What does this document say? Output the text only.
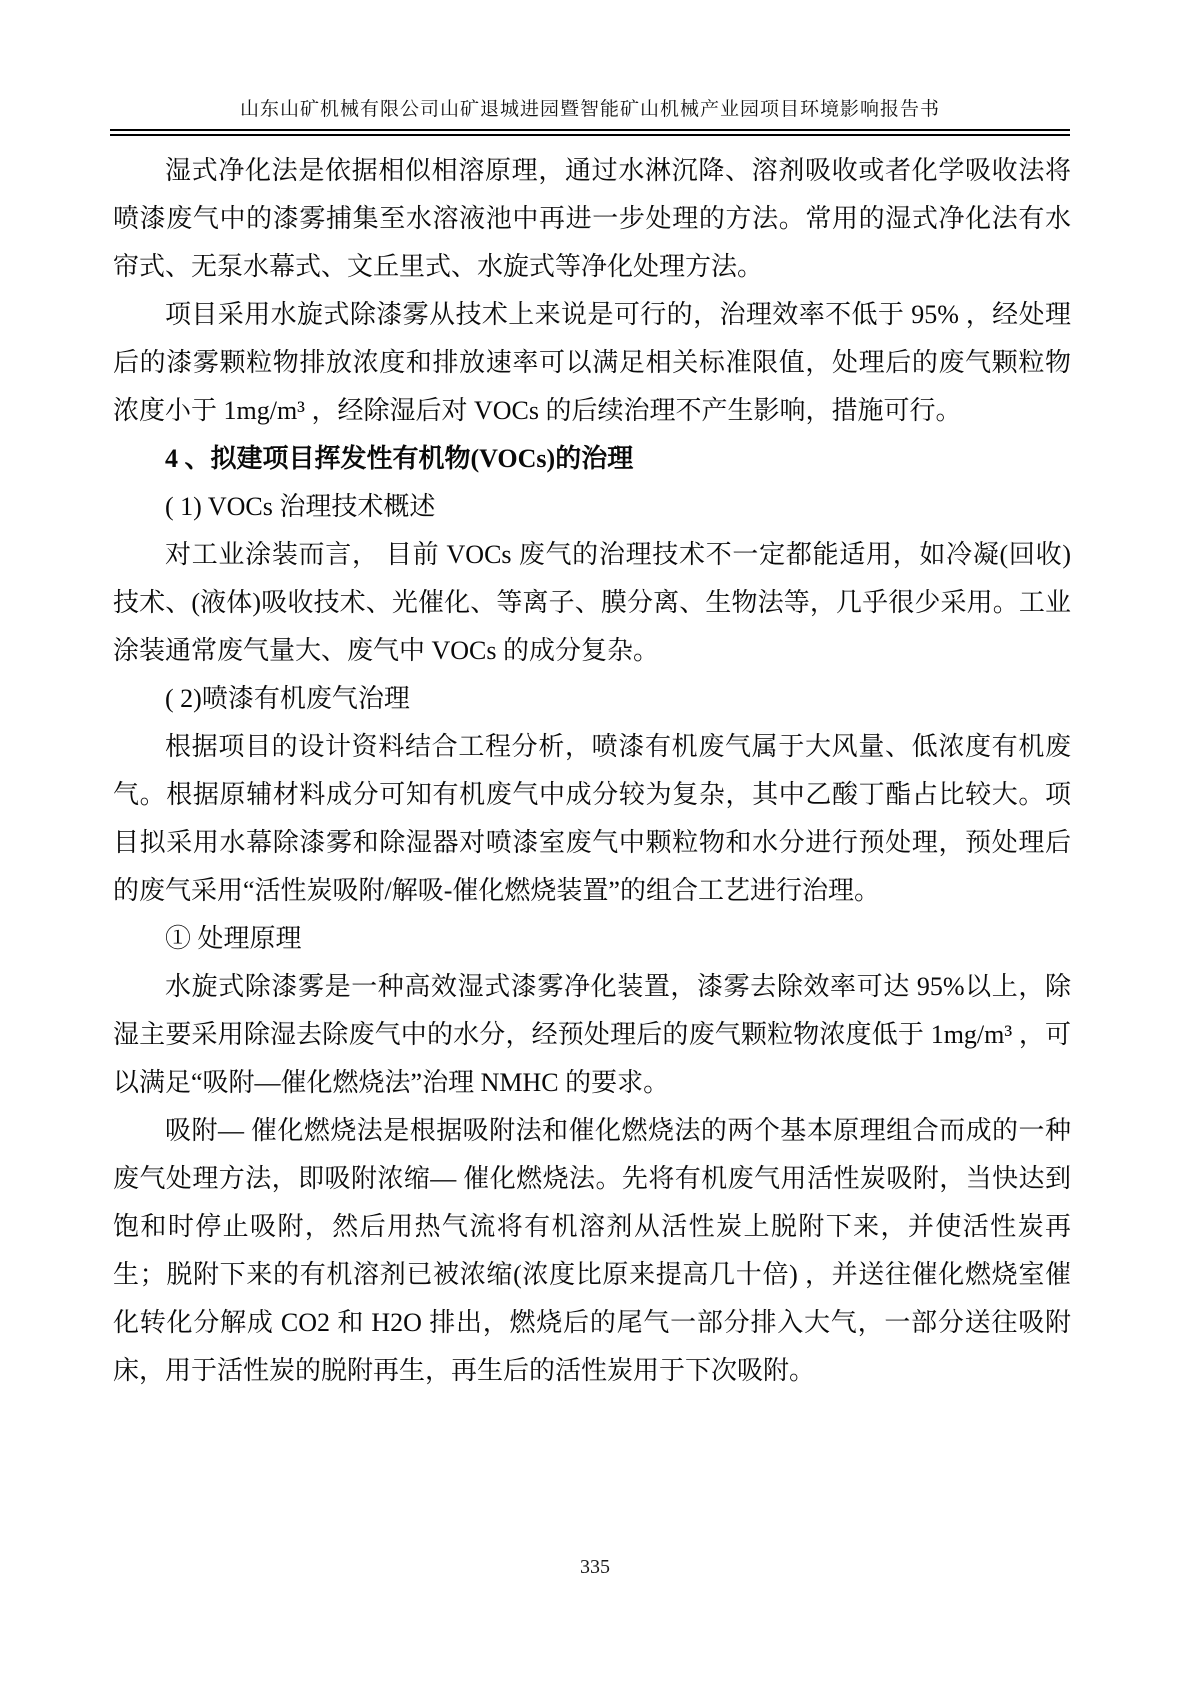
山东山矿机械有限公司山矿退城进园暨智能矿山机械产业园项目环境影响报告书

湿式净化法是依据相似相溶原理，通过水淋沉降、溶剂吸收或者化学吸收法将喷漆废气中的漆雾捕集至水溶液池中再进一步处理的方法。常用的湿式净化法有水帘式、无泵水幕式、文丘里式、水旋式等净化处理方法。

项目采用水旋式除漆雾从技术上来说是可行的，治理效率不低于 95% ，经处理后的漆雾颗粒物排放浓度和排放速率可以满足相关标准限值，处理后的废气颗粒物浓度小于 1mg/m³ ，经除湿后对 VOCs 的后续治理不产生影响，措施可行。

4 、拟建项目挥发性有机物(VOCs)的治理

( 1) VOCs 治理技术概述

对工业涂装而言， 目前 VOCs 废气的治理技术不一定都能适用，如冷凝(回收)技术、(液体)吸收技术、光催化、等离子、膜分离、生物法等，几乎很少采用。工业涂装通常废气量大、废气中 VOCs 的成分复杂。

( 2)喷漆有机废气治理

根据项目的设计资料结合工程分析，喷漆有机废气属于大风量、低浓度有机废气。根据原辅材料成分可知有机废气中成分较为复杂，其中乙酸丁酯占比较大。项目拟采用水幕除漆雾和除湿器对喷漆室废气中颗粒物和水分进行预处理，预处理后的废气采用“活性炭吸附/解吸-催化燃烧装置”的组合工艺进行治理。

① 处理原理

水旋式除漆雾是一种高效湿式漆雾净化装置，漆雾去除效率可达 95%以上，除湿主要采用除湿去除废气中的水分，经预处理后的废气颗粒物浓度低于 1mg/m³ ，可以满足“吸附—催化燃烧法”治理 NMHC 的要求。

吸附— 催化燃烧法是根据吸附法和催化燃烧法的两个基本原理组合而成的一种废气处理方法，即吸附浓缩— 催化燃烧法。先将有机废气用活性炭吸附，当快达到饱和时停止吸附，然后用热气流将有机溶剂从活性炭上脱附下来，并使活性炭再生；脱附下来的有机溶剂已被浓缩(浓度比原来提高几十倍) ，并送往催化燃烧室催化转化分解成 CO2 和 H2O 排出，燃烧后的尾气一部分排入大气，一部分送往吸附床，用于活性炭的脱附再生，再生后的活性炭用于下次吸附。

335
